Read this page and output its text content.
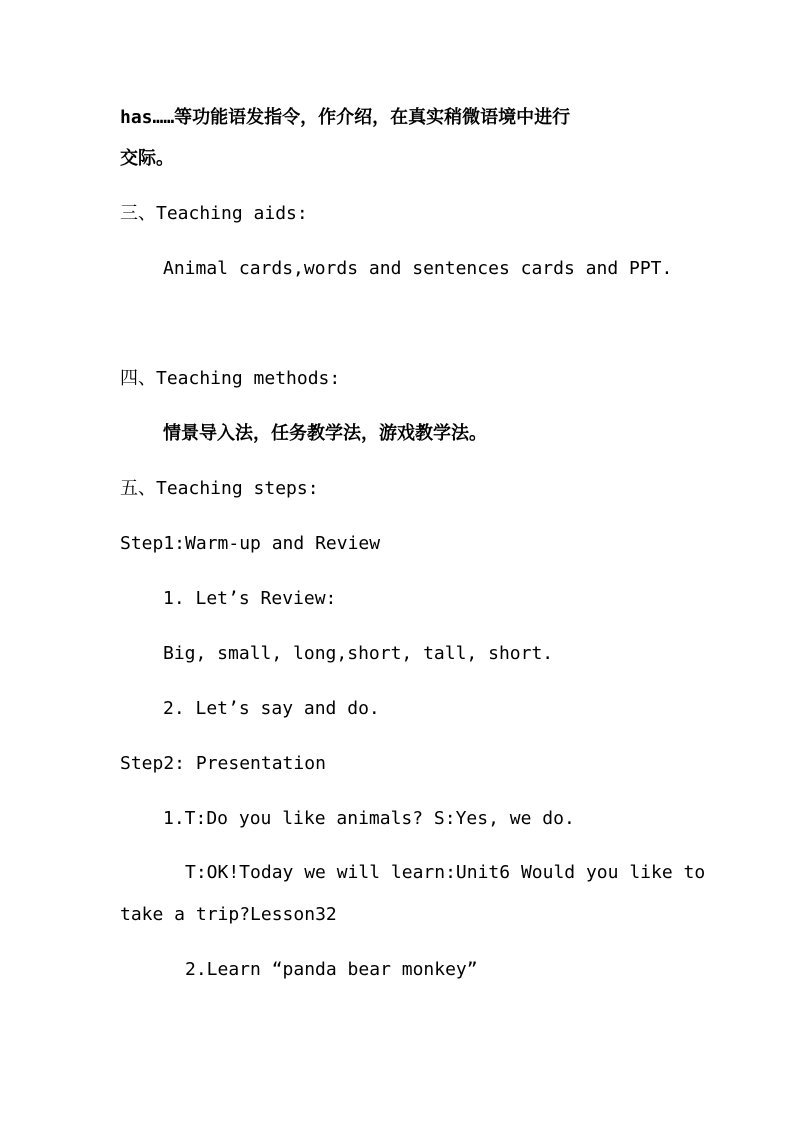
has……等功能语发指令，作介绍，在真实稍微语境中进行
交际。
三、Teaching aids:
Animal cards,words and sentences cards and PPT.
四、Teaching methods:
情景导入法，任务教学法，游戏教学法。
五、Teaching steps:
Step1:Warm-up and Review
1. Let’s Review:
Big, small, long,short, tall, short.
2. Let’s say and do.
Step2: Presentation
1.T:Do you like animals? S:Yes, we do.
T:OK!Today we will learn:Unit6 Would you like to
take a trip?Lesson32
2.Learn “panda bear monkey”
